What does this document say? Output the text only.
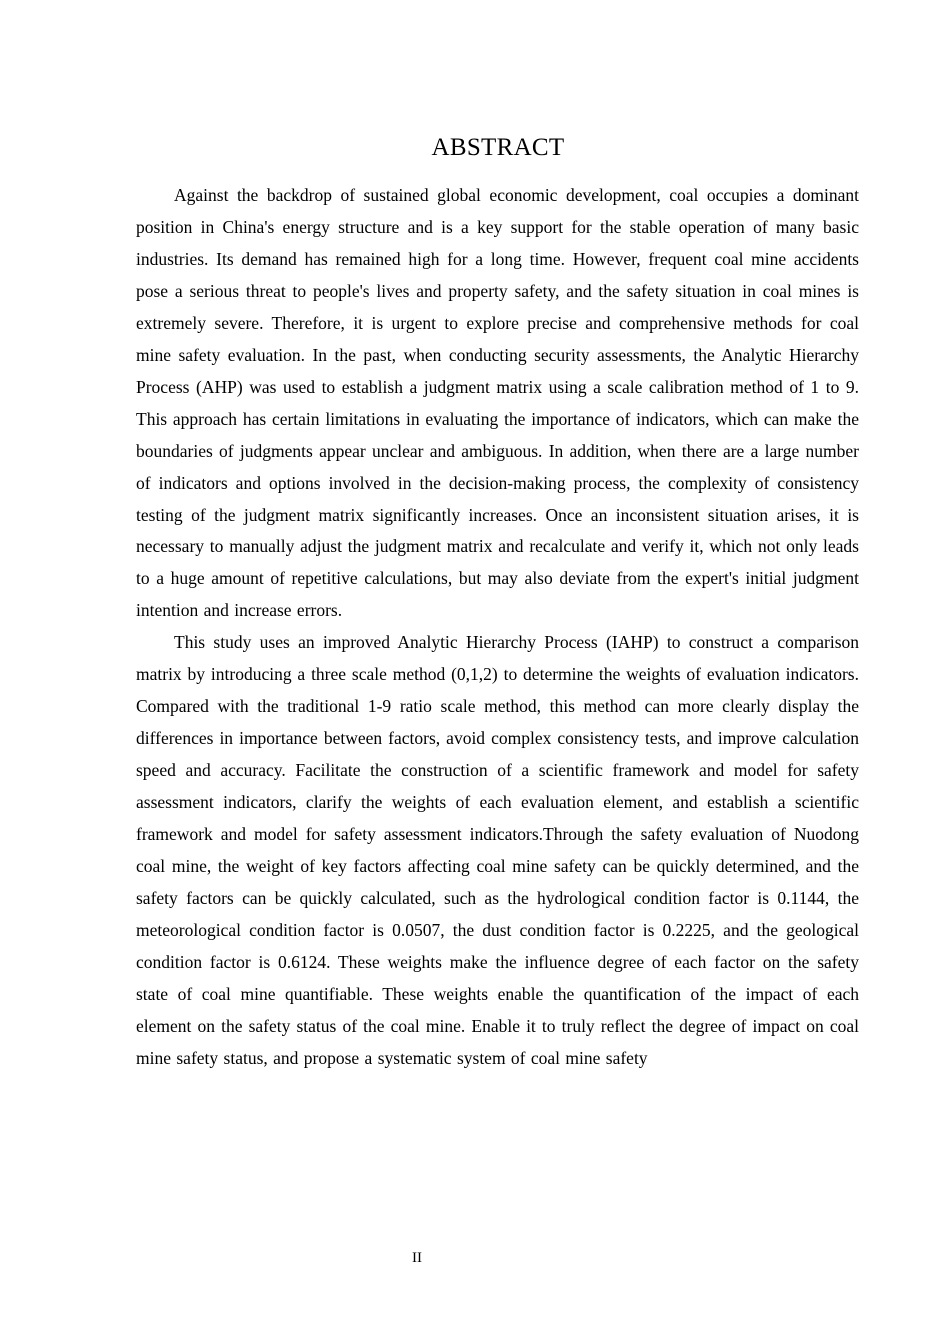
ABSTRACT

Against the backdrop of sustained global economic development, coal occupies a dominant position in China's energy structure and is a key support for the stable operation of many basic industries. Its demand has remained high for a long time. However, frequent coal mine accidents pose a serious threat to people's lives and property safety, and the safety situation in coal mines is extremely severe. Therefore, it is urgent to explore precise and comprehensive methods for coal mine safety evaluation. In the past, when conducting security assessments, the Analytic Hierarchy Process (AHP) was used to establish a judgment matrix using a scale calibration method of 1 to 9. This approach has certain limitations in evaluating the importance of indicators, which can make the boundaries of judgments appear unclear and ambiguous. In addition, when there are a large number of indicators and options involved in the decision-making process, the complexity of consistency testing of the judgment matrix significantly increases. Once an inconsistent situation arises, it is necessary to manually adjust the judgment matrix and recalculate and verify it, which not only leads to a huge amount of repetitive calculations, but may also deviate from the expert's initial judgment intention and increase errors.

This study uses an improved Analytic Hierarchy Process (IAHP) to construct a comparison matrix by introducing a three scale method (0,1,2) to determine the weights of evaluation indicators. Compared with the traditional 1-9 ratio scale method, this method can more clearly display the differences in importance between factors, avoid complex consistency tests, and improve calculation speed and accuracy. Facilitate the construction of a scientific framework and model for safety assessment indicators, clarify the weights of each evaluation element, and establish a scientific framework and model for safety assessment indicators.Through the safety evaluation of Nuodong coal mine, the weight of key factors affecting coal mine safety can be quickly determined, and the safety factors can be quickly calculated, such as the hydrological condition factor is 0.1144, the meteorological condition factor is 0.0507, the dust condition factor is 0.2225, and the geological condition factor is 0.6124. These weights make the influence degree of each factor on the safety state of coal mine quantifiable. These weights enable the quantification of the impact of each element on the safety status of the coal mine. Enable it to truly reflect the degree of impact on coal mine safety status, and propose a systematic system of coal mine safety

II
